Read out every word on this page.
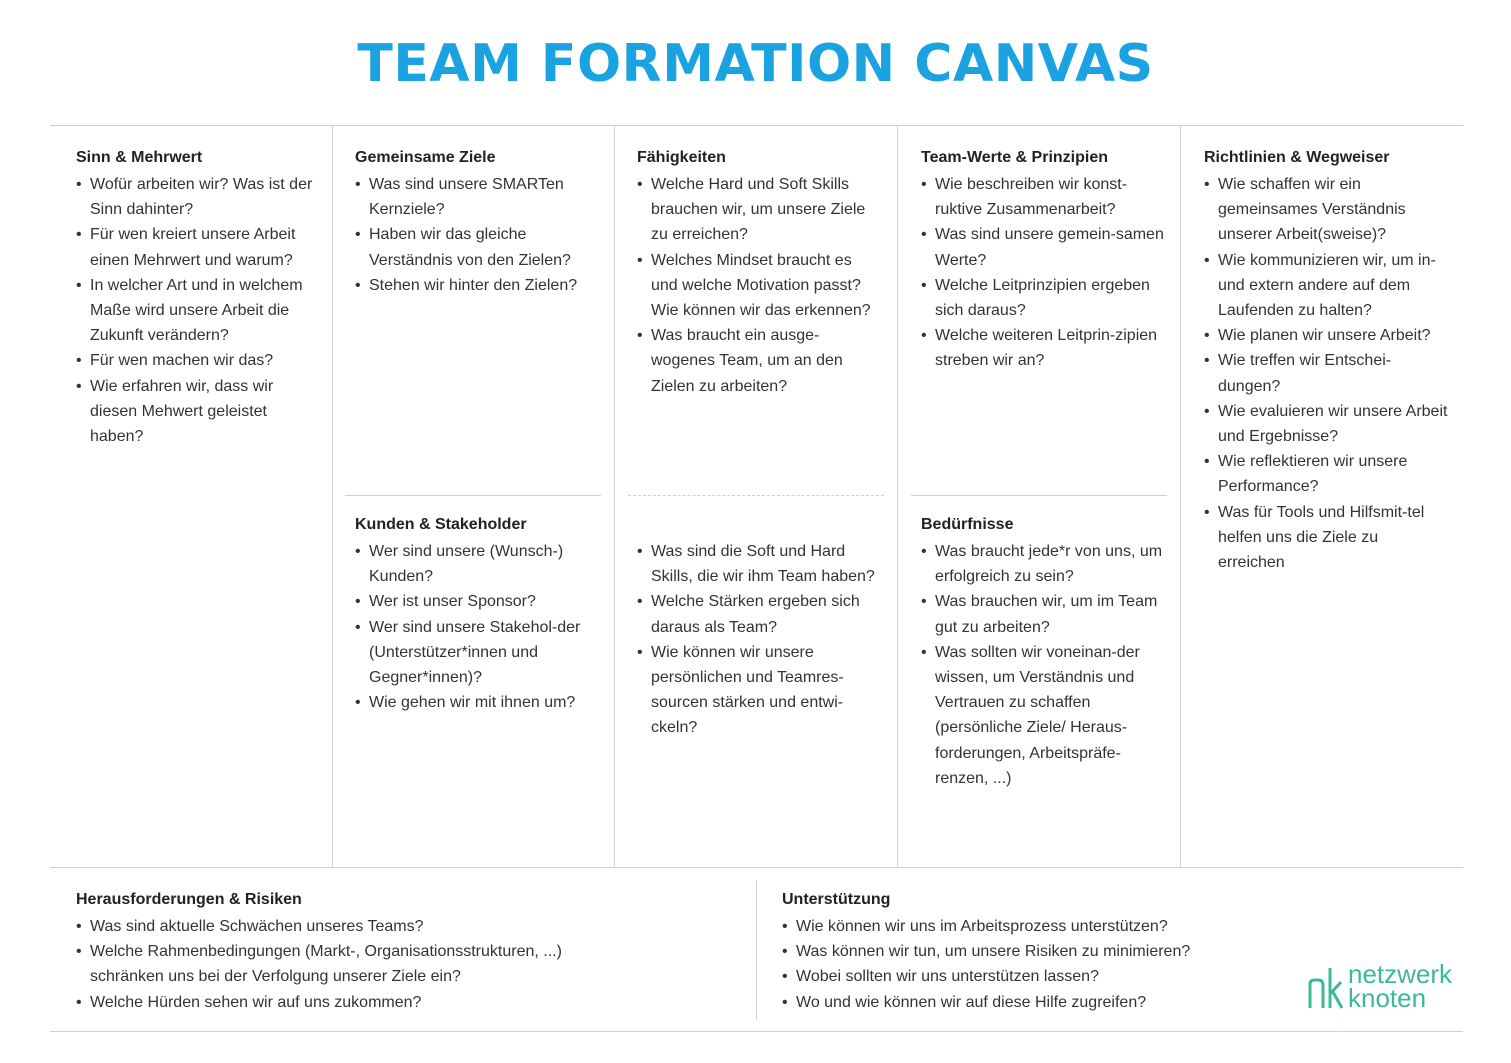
TEAM FORMATION CANVAS
Sinn & Mehrwert
• Wofür arbeiten wir? Was ist der Sinn dahinter?
• Für wen kreiert unsere Arbeit einen Mehrwert und warum?
• In welcher Art und in welchem Maße wird unsere Arbeit die Zukunft verändern?
• Für wen machen wir das?
• Wie erfahren wir, dass wir diesen Mehwert geleistet haben?
Gemeinsame Ziele
• Was sind unsere SMARTen Kernziele?
• Haben wir das gleiche Verständnis von den Zielen?
• Stehen wir hinter den Zielen?
Kunden & Stakeholder
• Wer sind unsere (Wunsch-) Kunden?
• Wer ist unser Sponsor?
• Wer sind unsere Stakehol-der (Unterstützer*innen und Gegner*innen)?
• Wie gehen wir mit ihnen um?
Fähigkeiten
• Welche Hard und Soft Skills brauchen wir, um unsere Ziele zu erreichen?
• Welches Mindset braucht es und welche Motivation passt? Wie können wir das erkennen?
• Was braucht ein ausge-wogenes Team, um an den Zielen zu arbeiten?
• Was sind die Soft und Hard Skills, die wir ihm Team haben?
• Welche Stärken ergeben sich daraus als Team?
• Wie können wir unsere persönlichen und Teamres-sourcen stärken und entwi-ckeln?
Team-Werte & Prinzipien
• Wie beschreiben wir konst-ruktive Zusammenarbeit?
• Was sind unsere gemein-samen Werte?
• Welche Leitprinzipien ergeben sich daraus?
• Welche weiteren Leitprin-zipien streben wir an?
Bedürfnisse
• Was braucht jede*r von uns, um erfolgreich zu sein?
• Was brauchen wir, um im Team gut zu arbeiten?
• Was sollten wir voneinan-der wissen, um Verständnis und Vertrauen zu schaffen (persönliche Ziele/ Heraus-forderungen, Arbeitspräfe-renzen, ...)
Richtlinien & Wegweiser
• Wie schaffen wir ein gemeinsames Verständnis unserer Arbeit(sweise)?
• Wie kommunizieren wir, um in- und extern andere auf dem Laufenden zu halten?
• Wie planen wir unsere Arbeit?
• Wie treffen wir Entschei-dungen?
• Wie evaluieren wir unsere Arbeit und Ergebnisse?
• Wie reflektieren wir unsere Performance?
• Was für Tools und Hilfsmit-tel helfen uns die Ziele zu erreichen
Herausforderungen & Risiken
• Was sind aktuelle Schwächen unseres Teams?
• Welche Rahmenbedingungen (Markt-, Organisationsstrukturen, ...) schränken uns bei der Verfolgung unserer Ziele ein?
• Welche Hürden sehen wir auf uns zukommen?
Unterstützung
• Wie können wir uns im Arbeitsprozess unterstützen?
• Was können wir tun, um unsere Risiken zu minimieren?
• Wobei sollten wir uns unterstützen lassen?
• Wo und wie können wir auf diese Hilfe zugreifen?
netzwerk
knoten
